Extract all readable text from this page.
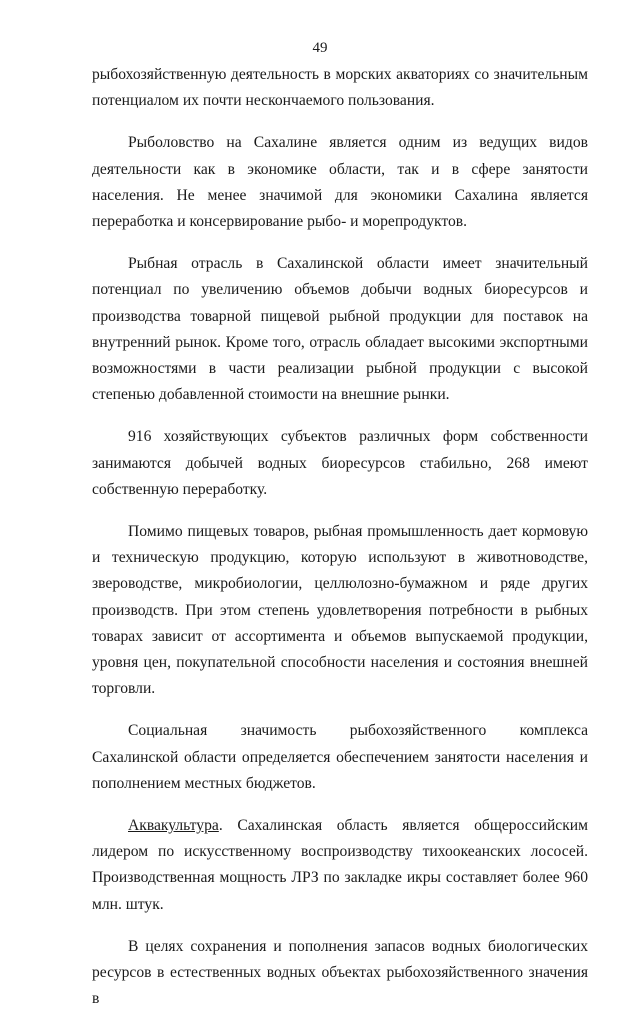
49

рыбохозяйственную деятельность в морских акваториях со значительным потенциалом их почти нескончаемого пользования.

Рыболовство на Сахалине является одним из ведущих видов деятельности как в экономике области, так и в сфере занятости населения. Не менее значимой для экономики Сахалина является переработка и консервирование рыбо- и морепродуктов.

Рыбная отрасль в Сахалинской области имеет значительный потенциал по увеличению объемов добычи водных биоресурсов и производства товарной пищевой рыбной продукции для поставок на внутренний рынок. Кроме того, отрасль обладает высокими экспортными возможностями в части реализации рыбной продукции с высокой степенью добавленной стоимости на внешние рынки.

916 хозяйствующих субъектов различных форм собственности занимаются добычей водных биоресурсов стабильно, 268 имеют собственную переработку.

Помимо пищевых товаров, рыбная промышленность дает кормовую и техническую продукцию, которую используют в животноводстве, звероводстве, микробиологии, целлюлозно-бумажном и ряде других производств. При этом степень удовлетворения потребности в рыбных товарах зависит от ассортимента и объемов выпускаемой продукции, уровня цен, покупательной способности населения и состояния внешней торговли.

Социальная значимость рыбохозяйственного комплекса Сахалинской области определяется обеспечением занятости населения и пополнением местных бюджетов.

Аквакультура. Сахалинская область является общероссийским лидером по искусственному воспроизводству тихоокеанских лососей. Производственная мощность ЛРЗ по закладке икры составляет более 960 млн. штук.

В целях сохранения и пополнения запасов водных биологических ресурсов в естественных водных объектах рыбохозяйственного значения в
